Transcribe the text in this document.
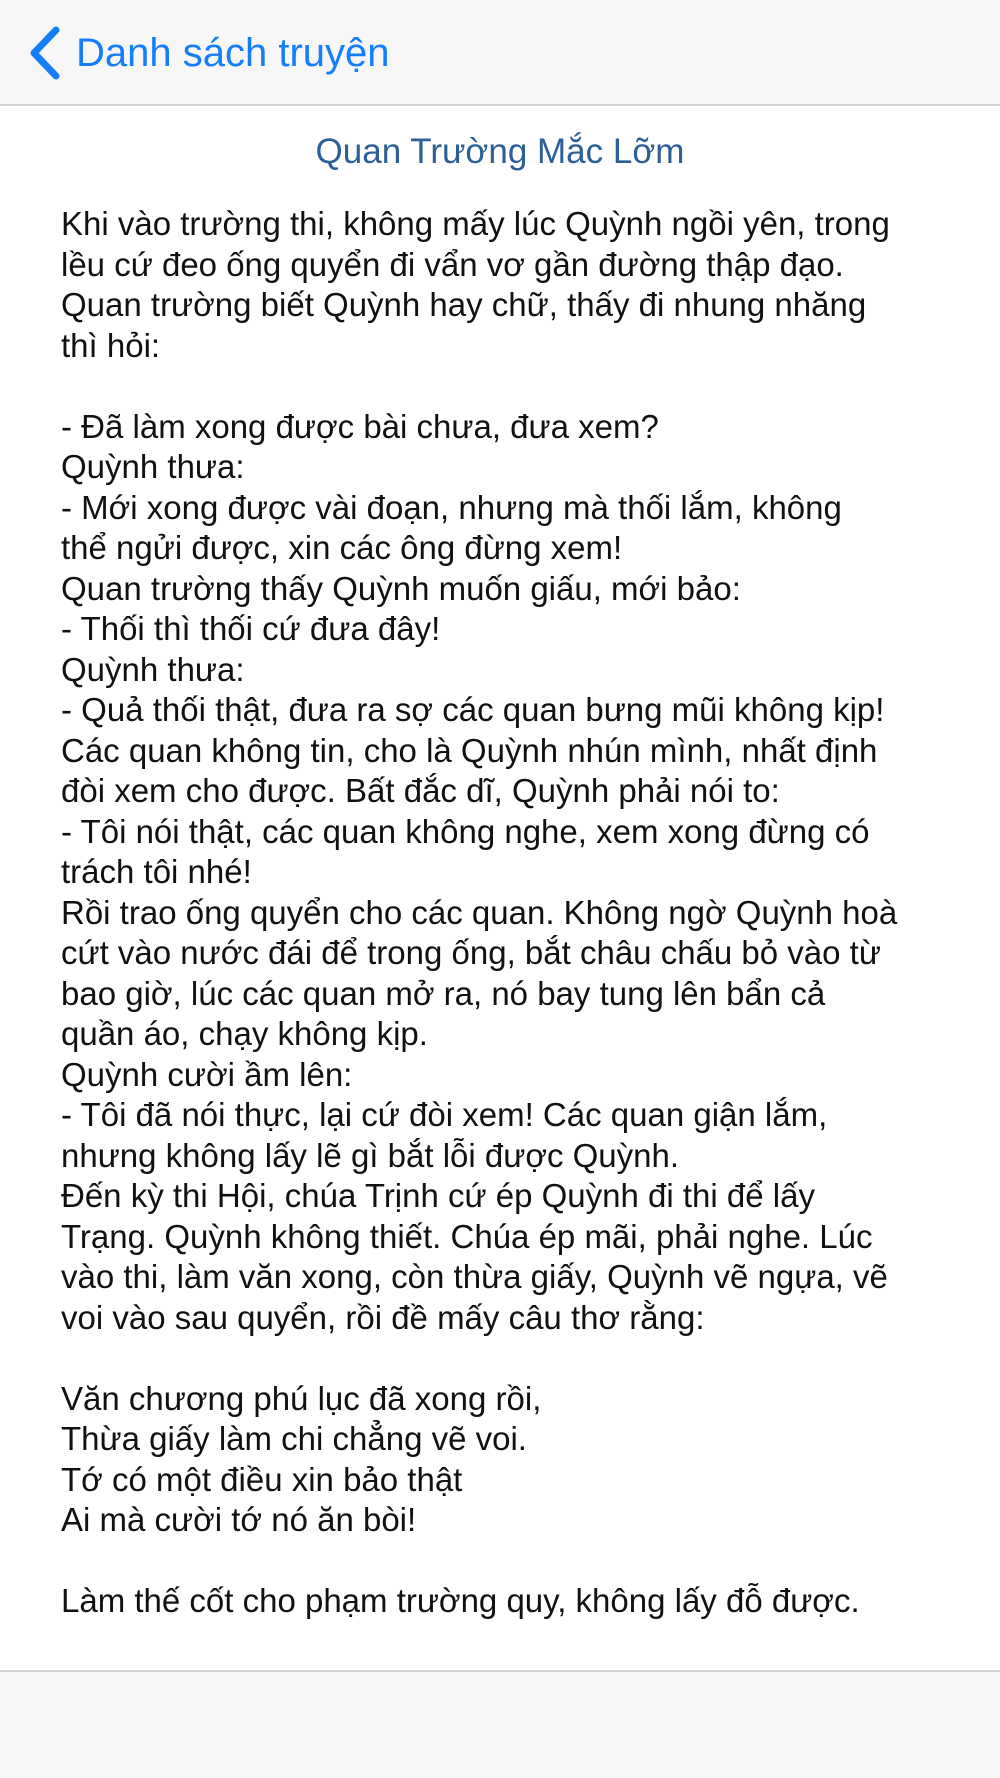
Danh sách truyện
Quan Trường Mắc Lỡm
Khi vào trường thi, không mấy lúc Quỳnh ngồi yên, trong
lều cứ đeo ống quyển đi vẩn vơ gần đường thập đạo.
Quan trường biết Quỳnh hay chữ, thấy đi nhung nhăng
thì hỏi:
- Đã làm xong được bài chưa, đưa xem?
Quỳnh thưa:
- Mới xong được vài đoạn, nhưng mà thối lắm, không
thể ngửi được, xin các ông đừng xem!
Quan trường thấy Quỳnh muốn giấu, mới bảo:
- Thối thì thối cứ đưa đây!
Quỳnh thưa:
- Quả thối thật, đưa ra sợ các quan bưng mũi không kịp!
Các quan không tin, cho là Quỳnh nhún mình, nhất định
đòi xem cho được. Bất đắc dĩ, Quỳnh phải nói to:
- Tôi nói thật, các quan không nghe, xem xong đừng có
trách tôi nhé!
Rồi trao ống quyển cho các quan. Không ngờ Quỳnh hoà
cứt vào nước đái để trong ống, bắt châu chấu bỏ vào từ
bao giờ, lúc các quan mở ra, nó bay tung lên bẩn cả
quần áo, chạy không kịp.
Quỳnh cười ầm lên:
- Tôi đã nói thực, lại cứ đòi xem! Các quan giận lắm,
nhưng không lấy lẽ gì bắt lỗi được Quỳnh.
Đến kỳ thi Hội, chúa Trịnh cứ ép Quỳnh đi thi để lấy
Trạng. Quỳnh không thiết. Chúa ép mãi, phải nghe. Lúc
vào thi, làm văn xong, còn thừa giấy, Quỳnh vẽ ngựa, vẽ
voi vào sau quyển, rồi đề mấy câu thơ rằng:
Văn chương phú lục đã xong rồi,
Thừa giấy làm chi chẳng vẽ voi.
Tớ có một điều xin bảo thật
Ai mà cười tớ nó ăn bòi!
Làm thế cốt cho phạm trường quy, không lấy đỗ được.
